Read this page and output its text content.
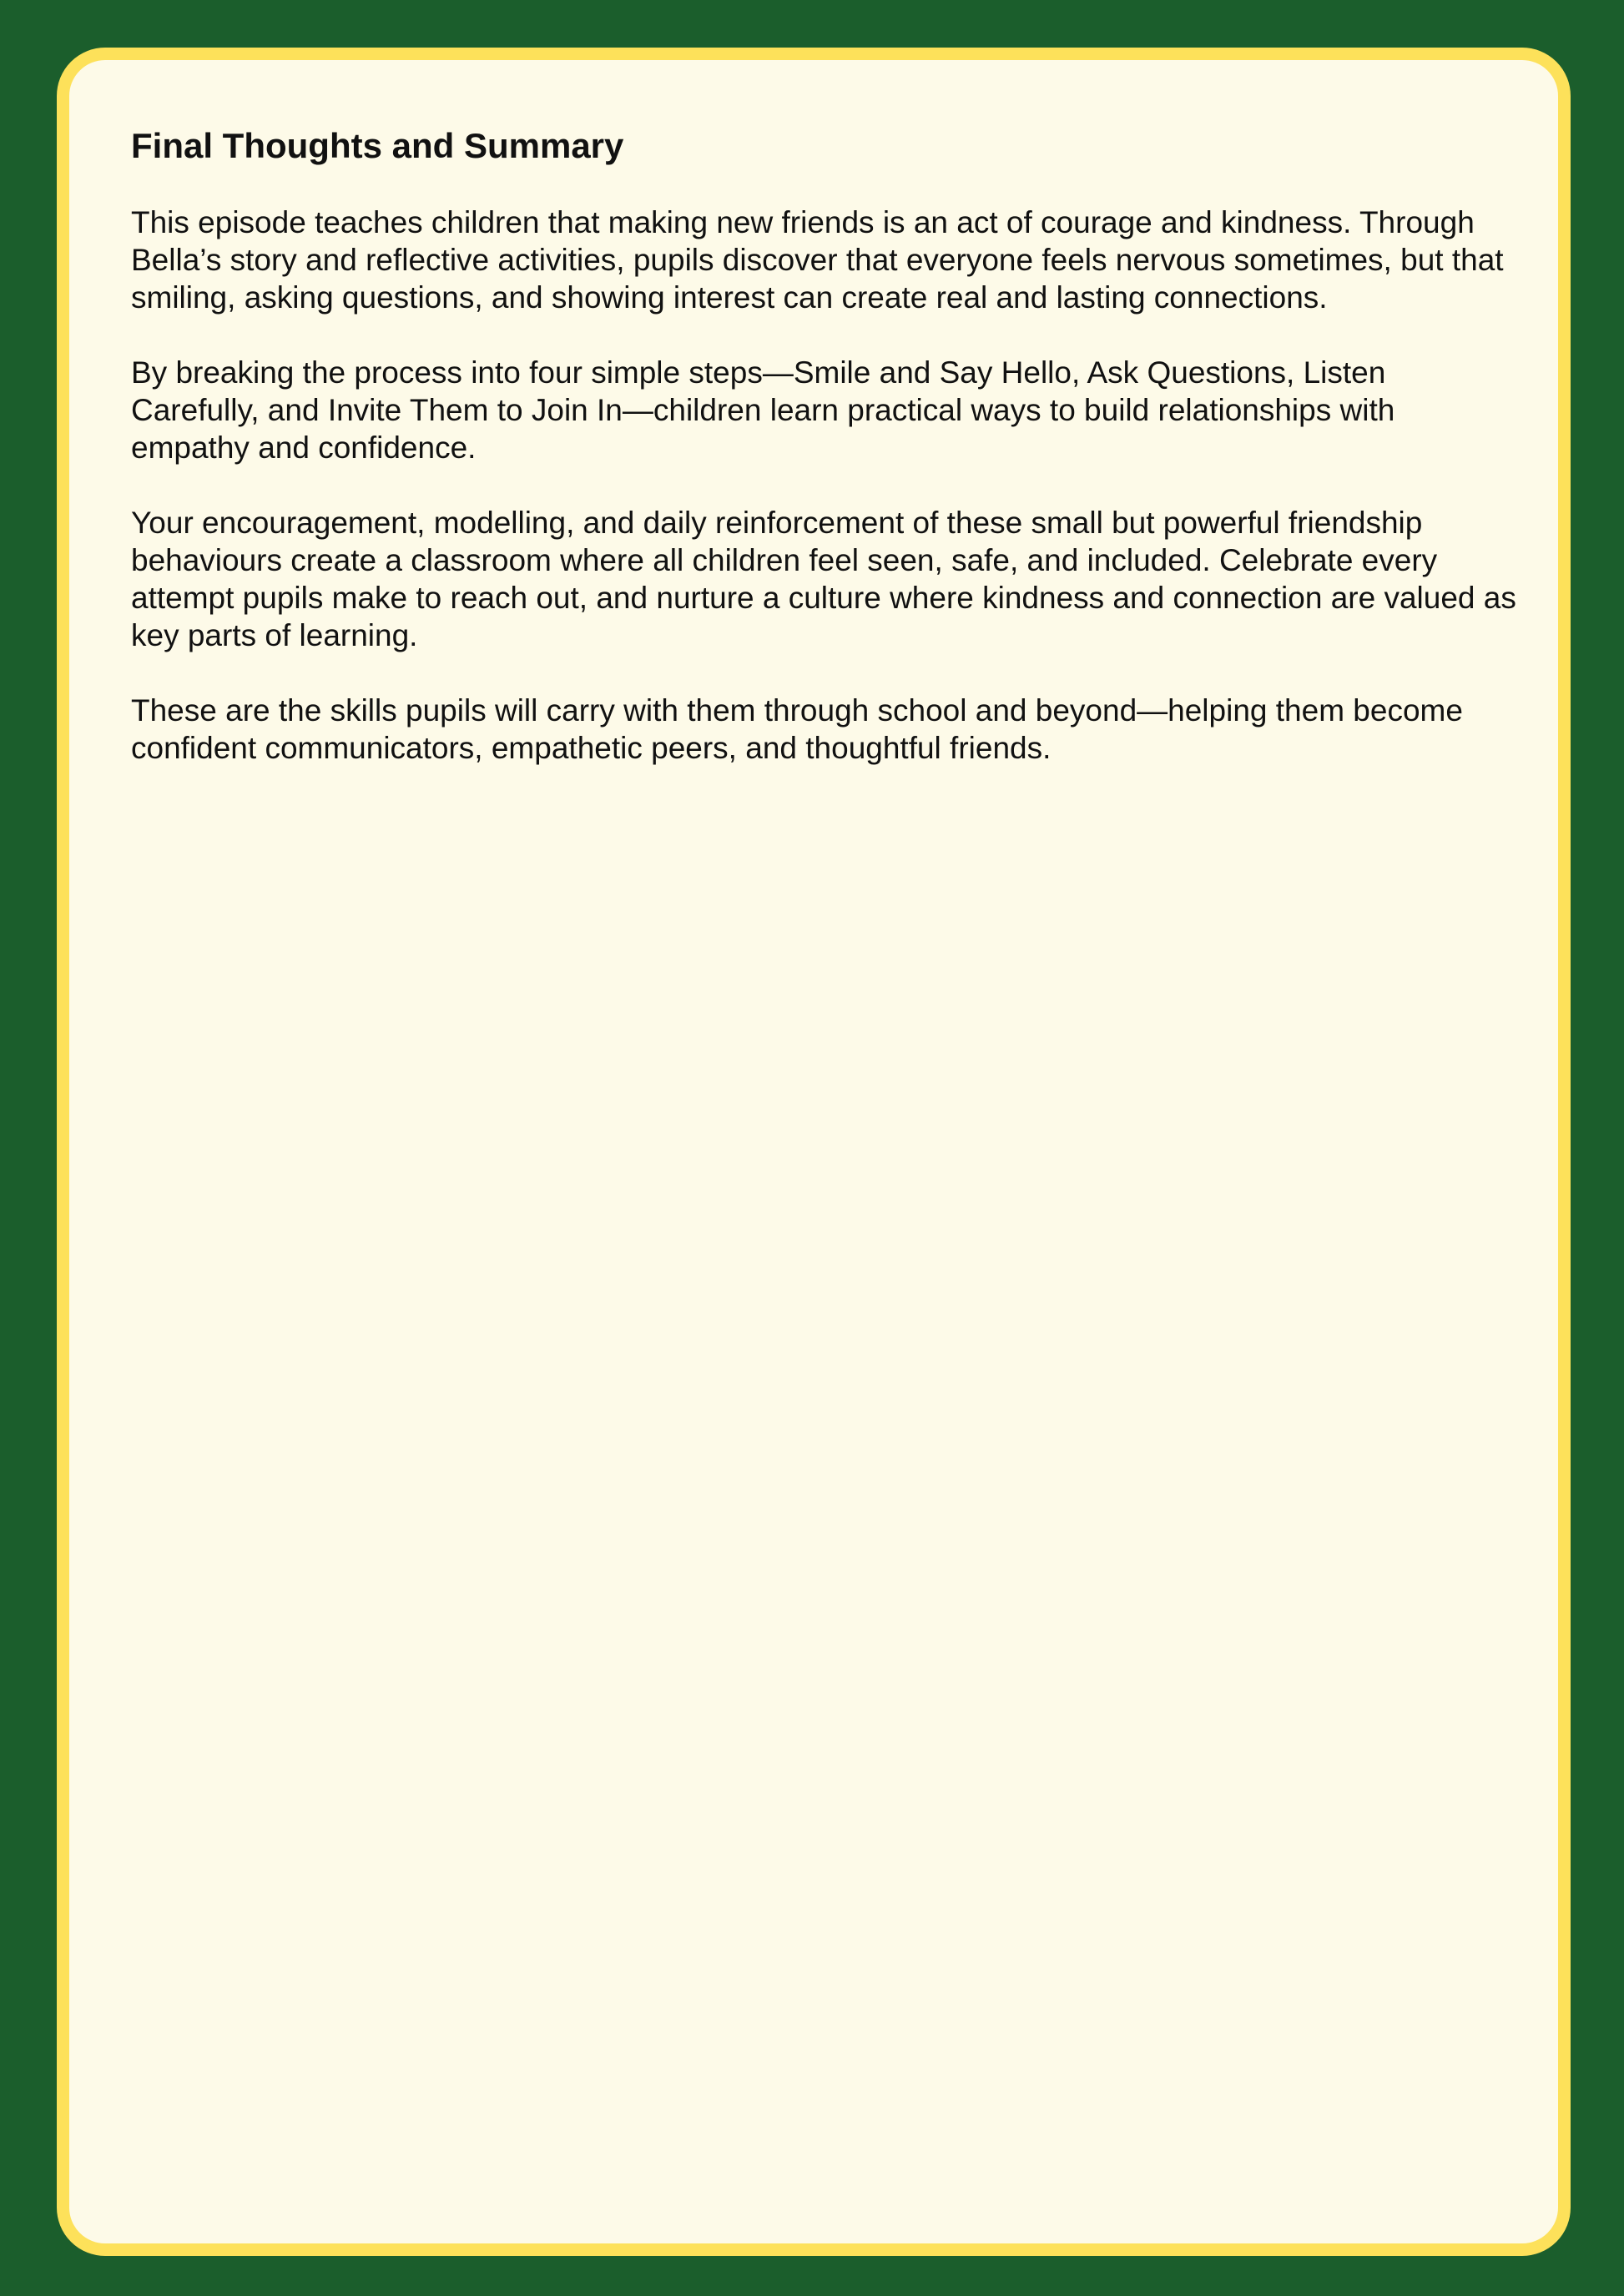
Final Thoughts and Summary

This episode teaches children that making new friends is an act of courage and kindness. Through Bella’s story and reflective activities, pupils discover that everyone feels nervous sometimes, but that smiling, asking questions, and showing interest can create real and lasting connections.

By breaking the process into four simple steps—Smile and Say Hello, Ask Questions, Listen Carefully, and Invite Them to Join In—children learn practical ways to build relationships with empathy and confidence.

Your encouragement, modelling, and daily reinforcement of these small but powerful friendship behaviours create a classroom where all children feel seen, safe, and included. Celebrate every attempt pupils make to reach out, and nurture a culture where kindness and connection are valued as key parts of learning.

These are the skills pupils will carry with them through school and beyond—helping them become confident communicators, empathetic peers, and thoughtful friends.
